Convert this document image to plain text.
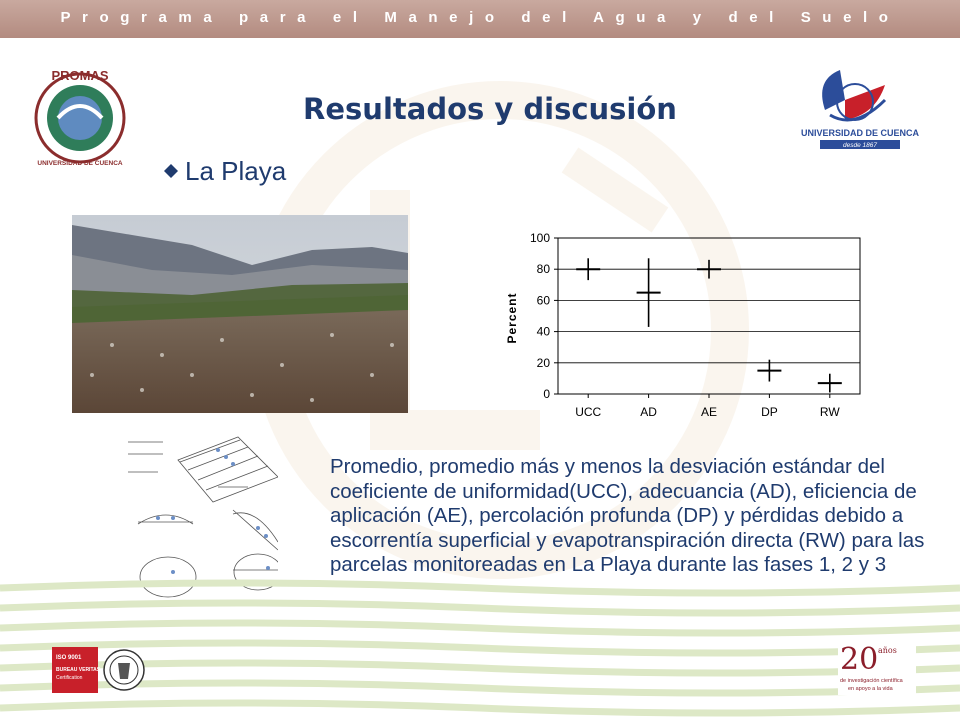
Programa para el Manejo del Agua y del Suelo
PROMAS
UNIVERSIDAD DE CUENCA
UNIVERSIDAD DE CUENCA
desde 1867
Resultados y discusión
La Playa
Percent
0
20
40
60
80
100
UCC	AD	AE	DP	RW
Promedio, promedio más y menos la desviación estándar del coeficiente de uniformidad(UCC), adecuancia (AD), eficiencia de aplicación (AE), percolación profunda (DP) y pérdidas debido a escorrentía superficial y evapotranspiración directa (RW) para las parcelas monitoreadas en La Playa durante las fases 1, 2 y 3
ISO 9001
BUREAU VERITAS
Certification
20 años
de investigación científica
en apoyo a la vida
